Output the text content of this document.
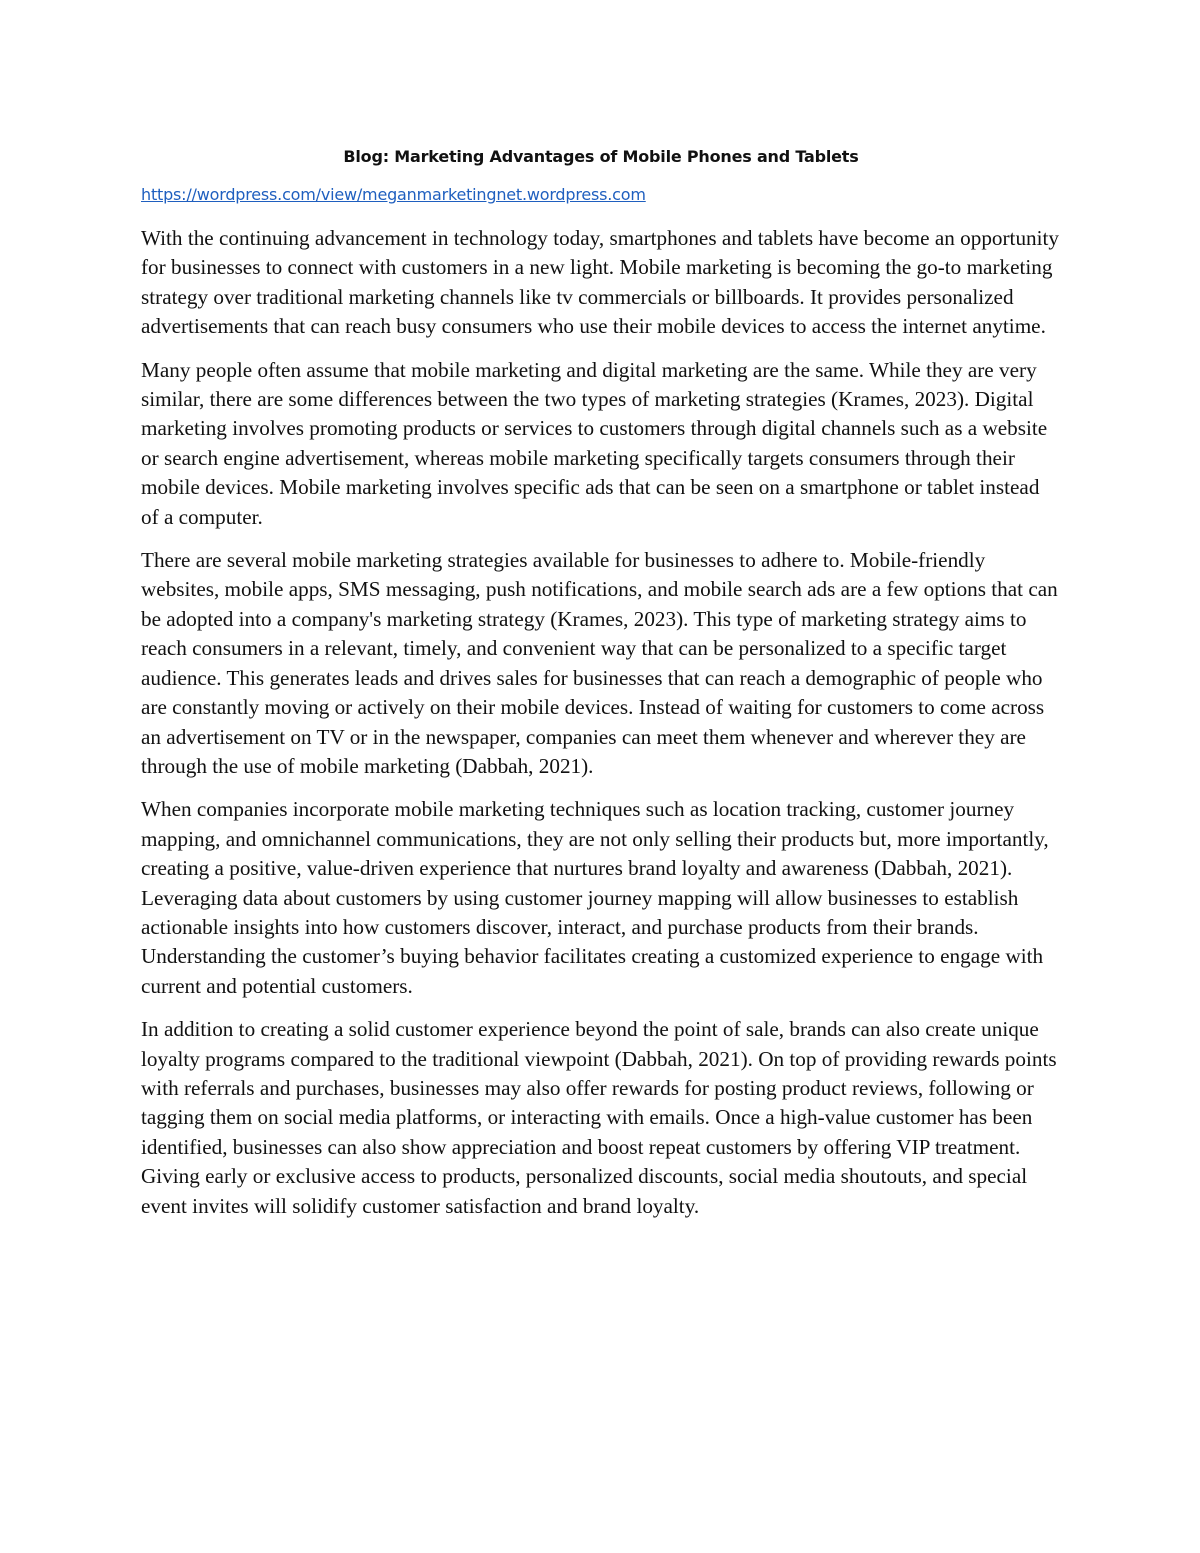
Blog: Marketing Advantages of Mobile Phones and Tablets
https://wordpress.com/view/meganmarketingnet.wordpress.com

With the continuing advancement in technology today, smartphones and tablets have become an opportunity for businesses to connect with customers in a new light. Mobile marketing is becoming the go-to marketing strategy over traditional marketing channels like tv commercials or billboards. It provides personalized advertisements that can reach busy consumers who use their mobile devices to access the internet anytime.

Many people often assume that mobile marketing and digital marketing are the same. While they are very similar, there are some differences between the two types of marketing strategies (Krames, 2023). Digital marketing involves promoting products or services to customers through digital channels such as a website or search engine advertisement, whereas mobile marketing specifically targets consumers through their mobile devices. Mobile marketing involves specific ads that can be seen on a smartphone or tablet instead of a computer.

There are several mobile marketing strategies available for businesses to adhere to. Mobile-friendly websites, mobile apps, SMS messaging, push notifications, and mobile search ads are a few options that can be adopted into a company's marketing strategy (Krames, 2023). This type of marketing strategy aims to reach consumers in a relevant, timely, and convenient way that can be personalized to a specific target audience. This generates leads and drives sales for businesses that can reach a demographic of people who are constantly moving or actively on their mobile devices. Instead of waiting for customers to come across an advertisement on TV or in the newspaper, companies can meet them whenever and wherever they are through the use of mobile marketing (Dabbah, 2021).

When companies incorporate mobile marketing techniques such as location tracking, customer journey mapping, and omnichannel communications, they are not only selling their products but, more importantly, creating a positive, value-driven experience that nurtures brand loyalty and awareness (Dabbah, 2021). Leveraging data about customers by using customer journey mapping will allow businesses to establish actionable insights into how customers discover, interact, and purchase products from their brands. Understanding the customer’s buying behavior facilitates creating a customized experience to engage with current and potential customers.

In addition to creating a solid customer experience beyond the point of sale, brands can also create unique loyalty programs compared to the traditional viewpoint (Dabbah, 2021). On top of providing rewards points with referrals and purchases, businesses may also offer rewards for posting product reviews, following or tagging them on social media platforms, or interacting with emails. Once a high-value customer has been identified, businesses can also show appreciation and boost repeat customers by offering VIP treatment. Giving early or exclusive access to products, personalized discounts, social media shoutouts, and special event invites will solidify customer satisfaction and brand loyalty.
